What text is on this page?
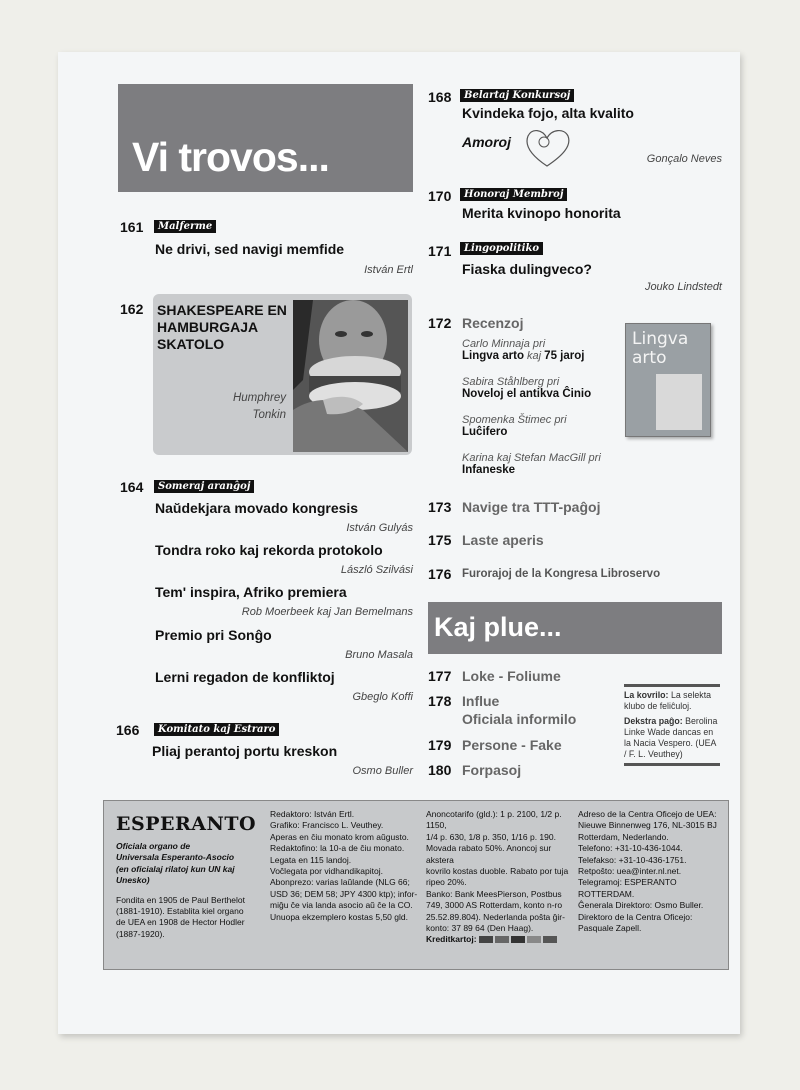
Vi trovos...
161	Malferme
Ne drivi, sed navigi memfide
István Ertl
162 SHAKESPEARE EN
HAMBURGAJA
SKATOLO
Humphrey
Tonkin
164	Someraj aranĝoj
Naŭdekjara movado kongresis
István Gulyás
Tondra roko kaj rekorda protokolo
László Szilvási
Tem' inspira, Afriko premiera
Rob Moerbeek kaj Jan Bemelmans
Premio pri Sonĝo
Bruno Masala
Lerni regadon de konfliktoj
Gbeglo Koffi
166	Komitato kaj Estraro
Pliaj perantoj portu kreskon
Osmo Buller
168	Belartaj Konkursoj
Kvindeka fojo, alta kvalito
Amoroj
Gonçalo Neves
170	Honoraj Membroj
Merita kvinopo honorita
171	Lingopolitiko
Fiaska dulingveco?
Jouko Lindstedt
172 Recenzoj
Carlo Minnaja pri
Lingva arto kaj 75 jaroj
Sabira Ståhlberg pri
Noveloj el antikva Ĉinio
Spomenka Štimec pri
Luĉifero
Karina kaj Stefan MacGill pri
Infaneske
Lingva arto
173 Navige tra TTT-paĝoj
175 Laste aperis
176 Furorajoj de la Kongresa Libroservo
Kaj plue...
177 Loke - Foliume
178 Influe
Oficiala informilo
179 Persone - Fake
180 Forpasoj
La kovrilo: La selekta klubo de feliĉuloj.
Dekstra paĝo: Berolina Linke Wade dancas en la Nacia Vespero. (UEA / F. L. Veuthey)
ESPERANTO
Oficiala organo de
Universala Esperanto-Asocio
(en oficialaj rilatoj kun UN kaj Unesko)
Fondita en 1905 de Paul Berthelot
(1881-1910). Establita kiel organo
de UEA en 1908 de Hector Hodler
(1887-1920).
Redaktoro: István Ertl.
Grafiko: Francisco L. Veuthey.
Aperas en ĉiu monato krom aŭgusto.
Redaktofino: la 10-a de ĉiu monato.
Legata en 115 landoj.
Voĉlegata por vidhandikapitoj.
Abonprezo: varias laŭlande (NLG 66;
USD 36; DEM 58; JPY 4300 ktp); infor-
miĝu ĉe via landa asocio aŭ ĉe la CO.
Unuopa ekzemplero kostas 5,50 gld.
Anoncotarifo (gld.): 1 p. 2100, 1/2 p. 1150,
1/4 p. 630, 1/8 p. 350, 1/16 p. 190.
Movada rabato 50%. Anoncoj sur akstera
kovrilo kostas duoble. Rabato por tuja
ripeo 20%.
Banko: Bank MeesPierson, Postbus
749, 3000 AS Rotterdam, konto n-ro
25.52.89.804). Nederlanda poŝta ĝir-
konto: 37 89 64 (Den Haag).
Kreditkartoj:
Adreso de la Centra Oficejo de UEA:
Nieuwe Binnenweg 176, NL-3015 BJ
Rotterdam, Nederlando.
Telefono: +31-10-436-1044.
Telefakso: +31-10-436-1751.
Retpoŝto: uea@inter.nl.net.
Telegramoj: ESPERANTO ROTTERDAM.
Ĝenerala Direktoro: Osmo Buller.
Direktoro de la Centra Oficejo:
Pasquale Zapell.
